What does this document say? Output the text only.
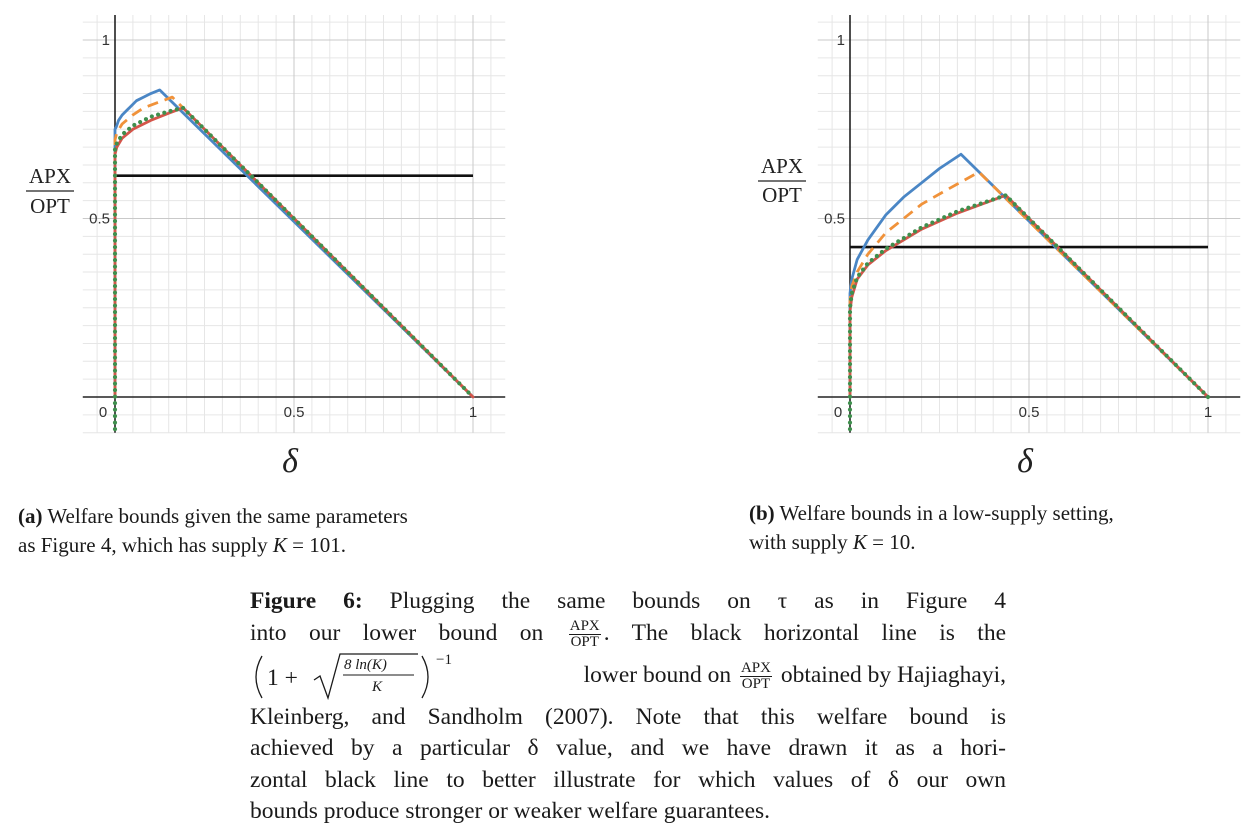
0	0.5	1
0.5
1
APX
OPT
δ
0	0.5	1
0.5
1
APX
OPT
δ
(a) Welfare bounds given the same parameters
as Figure 4, which has supply K = 101.
(b) Welfare bounds in a low-supply setting,
with supply K = 10.
Figure 6: Plugging the same bounds on τ as in Figure 4
into our lower bound on $\frac{\text{APX}}{\text{OPT}}$ . The black horizontal line is the
1 +	8 ln(K)
K
−1
lower bound on $\frac{\text{APX}}{\text{OPT}}$ obtained by Hajiaghayi,
Kleinberg, and Sandholm (2007). Note that this welfare bound is
achieved by a particular δ value, and we have drawn it as a hori-
zontal black line to better illustrate for which values of δ our own
bounds produce stronger or weaker welfare guarantees.
